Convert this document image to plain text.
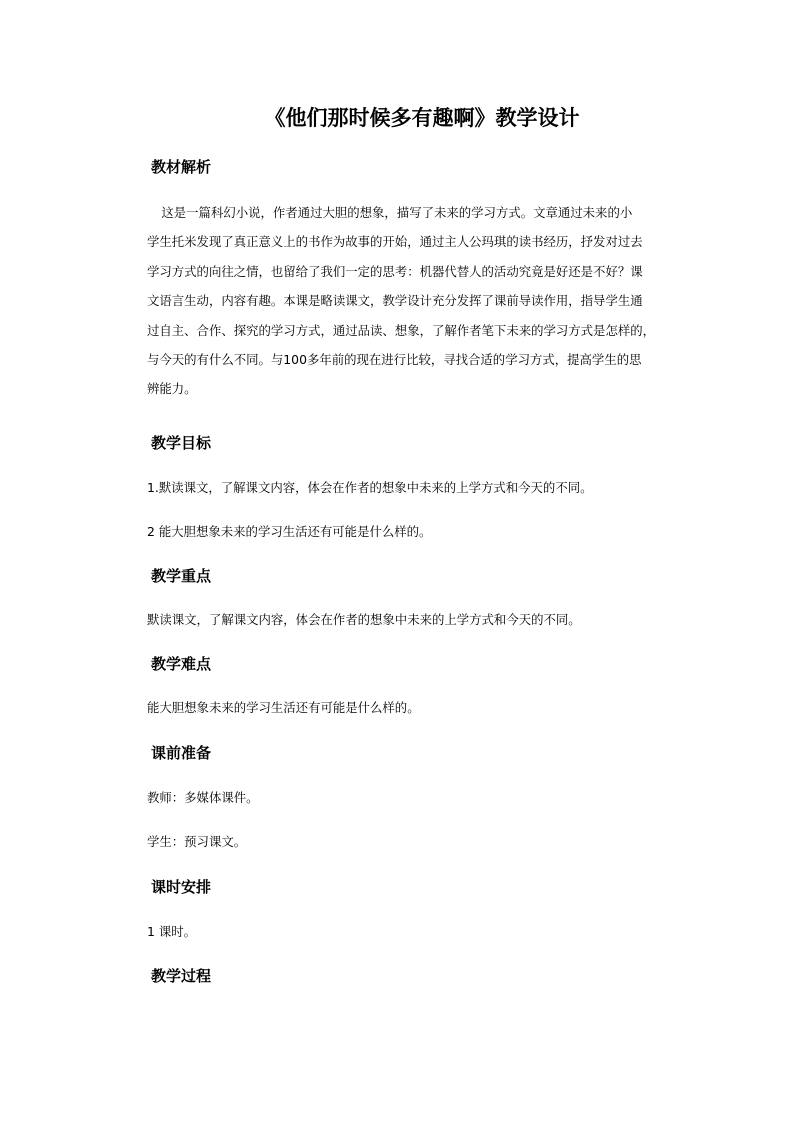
《他们那时候多有趣啊》教学设计
教材解析
　这是一篇科幻小说，作者通过大胆的想象，描写了未来的学习方式。文章通过未来的小
学生托米发现了真正意义上的书作为故事的开始，通过主人公玛琪的读书经历，抒发对过去
学习方式的向往之情，也留给了我们一定的思考：机器代替人的活动究竟是好还是不好？课
文语言生动，内容有趣。本课是略读课文，教学设计充分发挥了课前导读作用，指导学生通
过自主、合作、探究的学习方式，通过品读、想象，了解作者笔下未来的学习方式是怎样的，
与今天的有什么不同。与100多年前的现在进行比较，寻找合适的学习方式，提高学生的思
辨能力。
教学目标

1.默读课文，了解课文内容，体会在作者的想象中未来的上学方式和今天的不同。

2 能大胆想象未来的学习生活还有可能是什么样的。

教学重点

默读课文，了解课文内容，体会在作者的想象中未来的上学方式和今天的不同。

教学难点

能大胆想象未来的学习生活还有可能是什么样的。

课前准备

教师：多媒体课件。

学生：预习课文。

课时安排

1 课时。

教学过程
